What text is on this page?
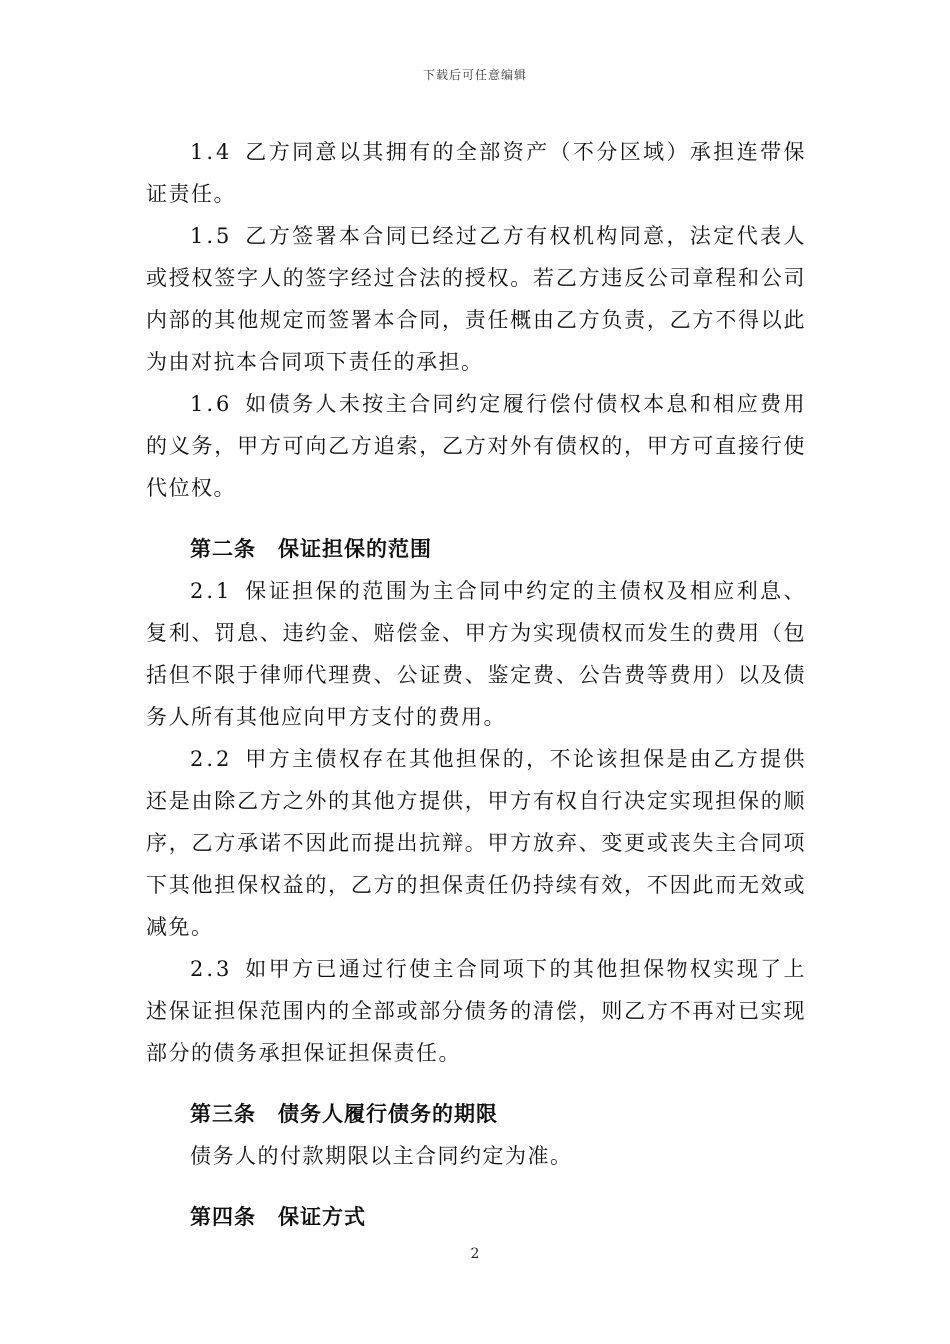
下载后可任意编辑

1.4 乙方同意以其拥有的全部资产（不分区域）承担连带保证责任。

1.5 乙方签署本合同已经过乙方有权机构同意，法定代表人或授权签字人的签字经过合法的授权。若乙方违反公司章程和公司内部的其他规定而签署本合同，责任概由乙方负责，乙方不得以此为由对抗本合同项下责任的承担。

1.6 如债务人未按主合同约定履行偿付债权本息和相应费用的义务，甲方可向乙方追索，乙方对外有债权的，甲方可直接行使代位权。

第二条 保证担保的范围

2.1 保证担保的范围为主合同中约定的主债权及相应利息、复利、罚息、违约金、赔偿金、甲方为实现债权而发生的费用（包括但不限于律师代理费、公证费、鉴定费、公告费等费用）以及债务人所有其他应向甲方支付的费用。

2.2 甲方主债权存在其他担保的，不论该担保是由乙方提供还是由除乙方之外的其他方提供，甲方有权自行决定实现担保的顺序，乙方承诺不因此而提出抗辩。甲方放弃、变更或丧失主合同项下其他担保权益的，乙方的担保责任仍持续有效，不因此而无效或减免。

2.3 如甲方已通过行使主合同项下的其他担保物权实现了上述保证担保范围内的全部或部分债务的清偿，则乙方不再对已实现部分的债务承担保证担保责任。

第三条 债务人履行债务的期限

债务人的付款期限以主合同约定为准。

第四条 保证方式

2
